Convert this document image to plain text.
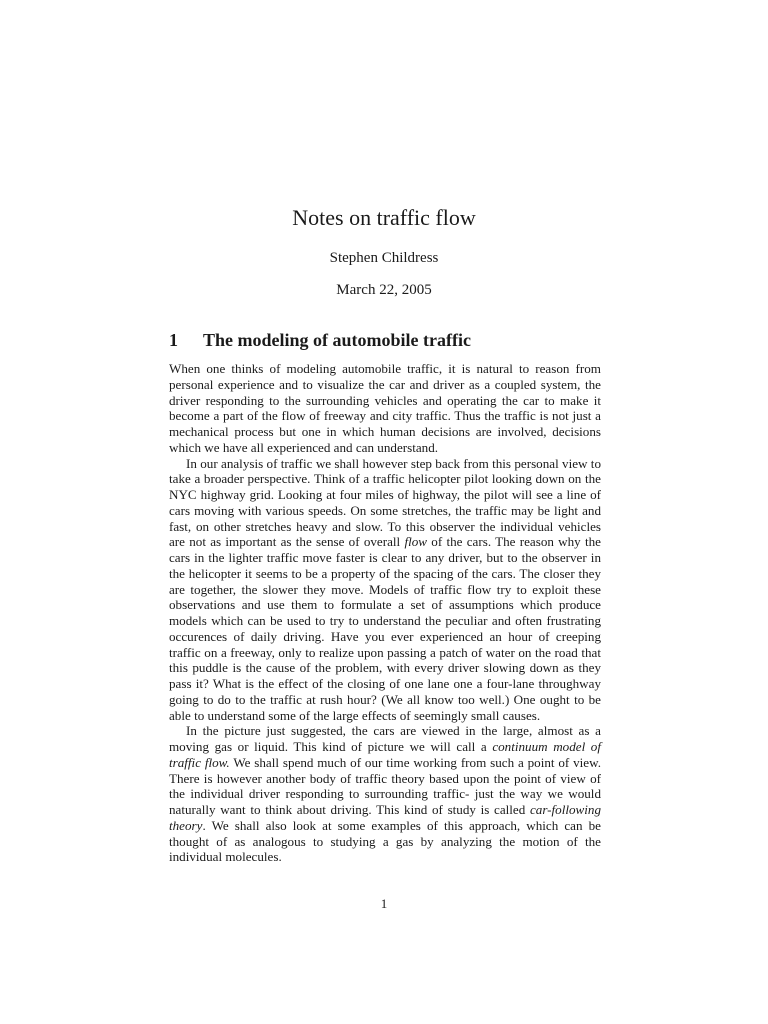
Notes on traffic flow
Stephen Childress
March 22, 2005
1 The modeling of automobile traffic

When one thinks of modeling automobile traffic, it is natural to reason from personal experience and to visualize the car and driver as a coupled system, the driver responding to the surrounding vehicles and operating the car to make it become a part of the flow of freeway and city traffic. Thus the traffic is not just a mechanical process but one in which human decisions are involved, decisions which we have all experienced and can understand.

In our analysis of traffic we shall however step back from this personal view to take a broader perspective. Think of a traffic helicopter pilot looking down on the NYC highway grid. Looking at four miles of highway, the pilot will see a line of cars moving with various speeds. On some stretches, the traffic may be light and fast, on other stretches heavy and slow. To this observer the individual vehicles are not as important as the sense of overall flow of the cars. The reason why the cars in the lighter traffic move faster is clear to any driver, but to the observer in the helicopter it seems to be a property of the spacing of the cars. The closer they are together, the slower they move. Models of traffic flow try to exploit these observations and use them to formulate a set of assumptions which produce models which can be used to try to understand the peculiar and often frustrating occurences of daily driving. Have you ever experienced an hour of creeping traffic on a freeway, only to realize upon passing a patch of water on the road that this puddle is the cause of the problem, with every driver slowing down as they pass it? What is the effect of the closing of one lane one a four-lane throughway going to do to the traffic at rush hour? (We all know too well.) One ought to be able to understand some of the large effects of seemingly small causes.

In the picture just suggested, the cars are viewed in the large, almost as a moving gas or liquid. This kind of picture we will call a continuum model of traffic flow. We shall spend much of our time working from such a point of view. There is however another body of traffic theory based upon the point of view of the individual driver responding to surrounding traffic- just the way we would naturally want to think about driving. This kind of study is called car-following theory. We shall also look at some examples of this approach, which can be thought of as analogous to studying a gas by analyzing the motion of the individual molecules.

1
